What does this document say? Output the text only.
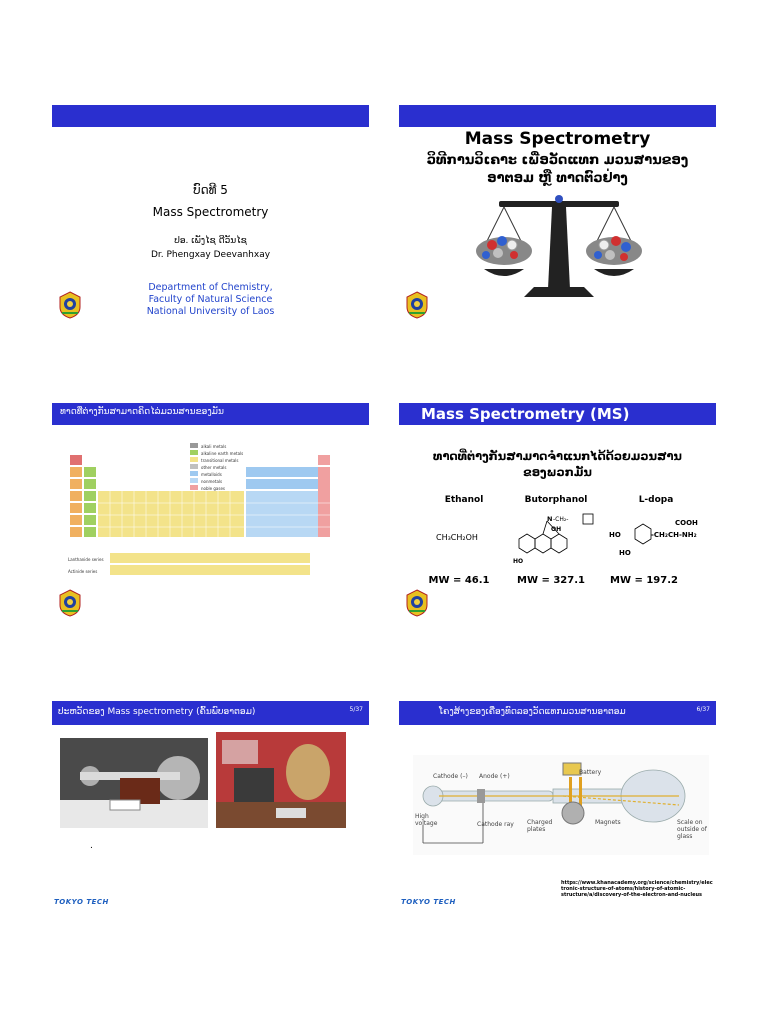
ບົດທີ 5
Mass Spectrometry
ປອ. ເພັງໄຊ ດີວັນໄຊ
Dr. Phengxay Deevanhxay
Department of Chemistry,
Faculty of Natural Science
National University of Laos
Mass Spectrometry
ວິທີການວິເຄາະ ເພື່ອວັດແທກ ມວນສານຂອງ
ອາຕອມ ຫຼື ທາດຕົວຢ່າງ
ທາດທີ່ຕ່າງກັນສາມາດຄິດໄລ່ມວນສານຂອງມັນ
alkali metals
alkaline earth metals
transitional metals
other metals
metalloids
nonmetals
noble gases
Lanthanide series
Actinide series
Mass Spectrometry (MS)
ທາດທີ່ຕ່າງກັນສາມາດຈຳແນກໄດ້ດ້ວຍມວນສານ
ຂອງພວກມັນ
Ethanol	Butorphanol	L-dopa
CH₃CH₂OH
N -CH₂-
OH
HO
COOH
HO	-CH₂CH-NH₂
HO
MW = 46.1	MW = 327.1	MW = 197.2
ປະຫວັດຂອງ Mass spectrometry (ຄົ້ນພົບອາຕອມ)	5/37
.
TOKYO TECH
ໂຄງສ້າງຂອງເຄື່ອງທົດລອງວັດແທກມວນສານອາຕອມ	6/37
Cathode (–) Anode (+)
Battery
High voltage	Cathode ray Charged plates
Magnets	Scale on outside of glass
https://www.khanacademy.org/science/chemistry/elec
tronic-structure-of-atoms/history-of-atomic-
structure/a/discovery-of-the-electron-and-nucleus
TOKYO TECH
